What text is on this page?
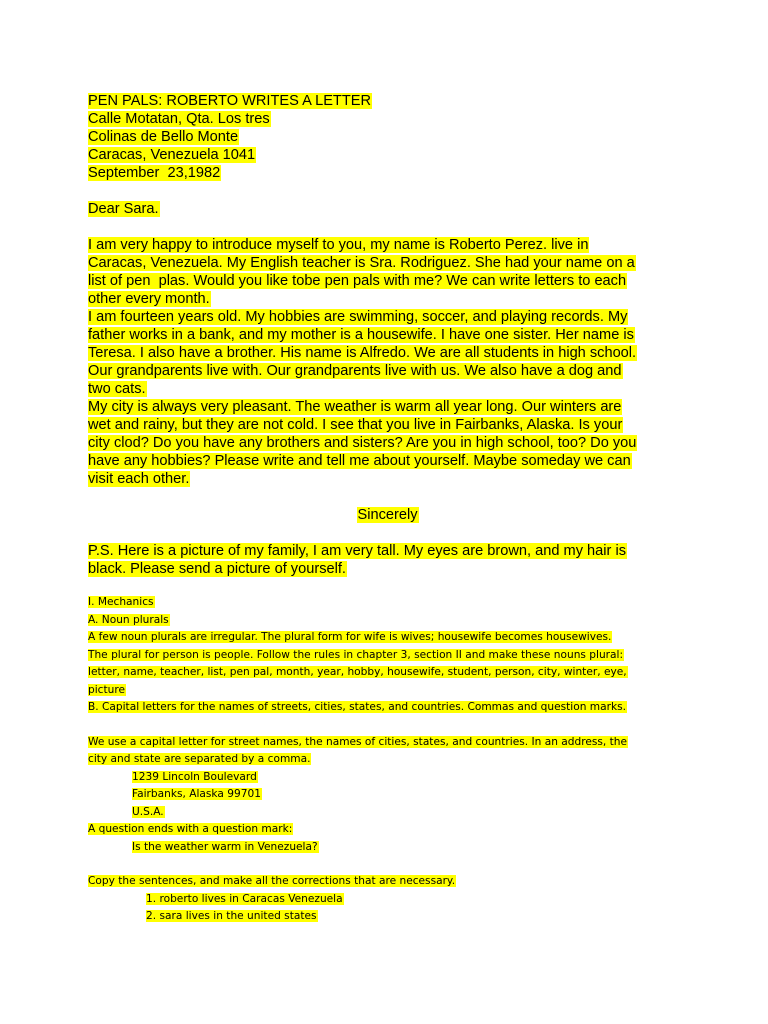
PEN PALS: ROBERTO WRITES A LETTER
Calle Motatan, Qta. Los tres
Colinas de Bello Monte
Caracas, Venezuela 1041
September  23,1982
Dear Sara.
I am very happy to introduce myself to you, my name is Roberto Perez. live in
Caracas, Venezuela. My English teacher is Sra. Rodriguez. She had your name on a
list of pen  plas. Would you like tobe pen pals with me? We can write letters to each
other every month.
I am fourteen years old. My hobbies are swimming, soccer, and playing records. My
father works in a bank, and my mother is a housewife. I have one sister. Her name is
Teresa. I also have a brother. His name is Alfredo. We are all students in high school.
Our grandparents live with. Our grandparents live with us. We also have a dog and
two cats.
My city is always very pleasant. The weather is warm all year long. Our winters are
wet and rainy, but they are not cold. I see that you live in Fairbanks, Alaska. Is your
city clod? Do you have any brothers and sisters? Are you in high school, too? Do you
have any hobbies? Please write and tell me about yourself. Maybe someday we can
visit each other.
Sincerely
P.S. Here is a picture of my family, I am very tall. My eyes are brown, and my hair is
black. Please send a picture of yourself.
I. Mechanics
A. Noun plurals
A few noun plurals are irregular. The plural form for wife is wives; housewife becomes housewives.
The plural for person is people. Follow the rules in chapter 3, section II and make these nouns plural:
letter, name, teacher, list, pen pal, month, year, hobby, housewife, student, person, city, winter, eye,
picture
B. Capital letters for the names of streets, cities, states, and countries. Commas and question marks.
We use a capital letter for street names, the names of cities, states, and countries. In an address, the
city and state are separated by a comma.
1239 Lincoln Boulevard
Fairbanks, Alaska 99701
U.S.A.
A question ends with a question mark:
Is the weather warm in Venezuela?
Copy the sentences, and make all the corrections that are necessary.
1. roberto lives in Caracas Venezuela
2. sara lives in the united states
